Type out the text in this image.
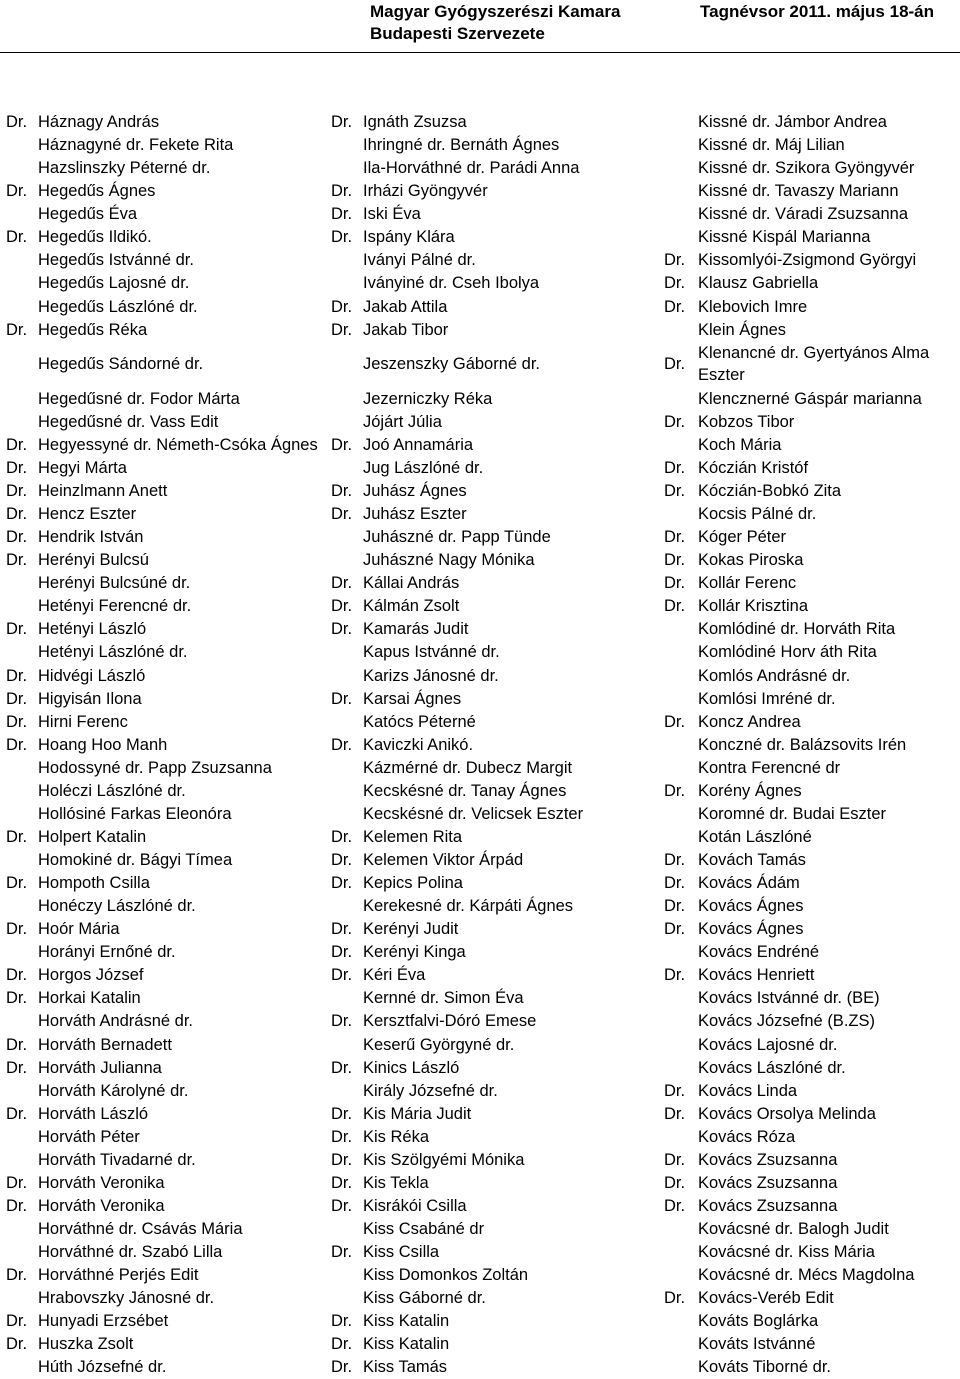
Magyar Gyógyszerészi Kamara
Budapesti Szervezete
Tagnévsor 2011. május 18-án
Dr. Háznagy András
Háznagyné dr. Fekete Rita
Hazslinszky Péterné dr.
Dr. Hegedűs Ágnes
Hegedűs Éva
Dr. Hegedűs Ildikó.
Hegedűs Istvánné dr.
Hegedűs Lajosné dr.
Hegedűs Lászlóné dr.
Dr. Hegedűs Réka
Hegedűs Sándorné dr.
Hegedűsné dr. Fodor Márta
Hegedűsné dr. Vass Edit
Dr. Hegyessyné dr. Németh-Csóka Ágnes
Dr. Hegyi Márta
Dr. Heinzlmann Anett
Dr. Hencz Eszter
Dr. Hendrik István
Dr. Herényi Bulcsú
Herényi Bulcsúné dr.
Hetényi Ferencné dr.
Dr. Hetényi László
Hetényi Lászlóné dr.
Dr. Hidvégi László
Dr. Higyisán Ilona
Dr. Hirni Ferenc
Dr. Hoang Hoo Manh
Hodossyné dr. Papp Zsuzsanna
Holéczi Lászlóné dr.
Hollósiné Farkas Eleonóra
Dr. Holpert Katalin
Homokiné dr. Bágyi Tímea
Dr. Hompoth Csilla
Honéczy Lászlóné dr.
Dr. Hoór Mária
Horányi Ernőné dr.
Dr. Horgos József
Dr. Horkai Katalin
Horváth Andrásné dr.
Dr. Horváth Bernadett
Dr. Horváth Julianna
Horváth Károlyné dr.
Dr. Horváth László
Horváth Péter
Horváth Tivadarné dr.
Dr. Horváth Veronika
Dr. Horváth Veronika
Horváthné dr. Csávás Mária
Horváthné dr. Szabó Lilla
Dr. Horváthné Perjés Edit
Hrabovszky Jánosné dr.
Dr. Hunyadi Erzsébet
Dr. Huszka Zsolt
Húth Józsefné dr.
Dr. Ignáth Zsuzsa
Ihringné dr. Bernáth Ágnes
Ila-Horváthné dr. Parádi Anna
Dr. Irházi Gyöngyvér
Dr. Iski Éva
Dr. Ispány Klára
Iványi Pálné dr.
Iványiné dr. Cseh Ibolya
Dr. Jakab Attila
Dr. Jakab Tibor
Jeszenszky Gáborné dr.
Jezerniczky Réka
Jójárt Júlia
Dr. Joó Annamária
Jug Lászlóné dr.
Dr. Juhász Ágnes
Dr. Juhász Eszter
Juhászné dr. Papp Tünde
Juhászné Nagy Mónika
Dr. Kállai András
Dr. Kálmán Zsolt
Dr. Kamarás Judit
Kapus Istvánné dr.
Karizs Jánosné dr.
Dr. Karsai Ágnes
Katócs Péterné
Dr. Kaviczki Anikó.
Kázmérné dr. Dubecz Margit
Kecskésné dr. Tanay Ágnes
Kecskésné dr. Velicsek Eszter
Dr. Kelemen Rita
Dr. Kelemen Viktor Árpád
Dr. Kepics Polina
Kerekesné dr. Kárpáti Ágnes
Dr. Kerényi Judit
Dr. Kerényi Kinga
Dr. Kéri Éva
Kernné dr. Simon Éva
Dr. Kersztfalvi-Dóró Emese
Keserű Györgyné dr.
Dr. Kinics László
Király Józsefné dr.
Dr. Kis Mária Judit
Dr. Kis Réka
Dr. Kis Szölgyémi Mónika
Dr. Kis Tekla
Dr. Kisrákói Csilla
Kiss Csabáné dr
Dr. Kiss Csilla
Kiss Domonkos Zoltán
Kiss Gáborné dr.
Dr. Kiss Katalin
Dr. Kiss Katalin
Dr. Kiss Tamás
Kissné dr. Jámbor Andrea
Kissné dr. Máj Lilian
Kissné dr. Szikora Gyöngyvér
Kissné dr. Tavaszy Mariann
Kissné dr. Váradi Zsuzsanna
Kissné Kispál Marianna
Dr. Kissomlyói-Zsigmond Györgyi
Dr. Klausz Gabriella
Dr. Klebovich Imre
Klein Ágnes
Dr.
Klenancné dr. Gyertyános Alma
Eszter
Klencznerné Gáspár marianna
Dr. Kobzos Tibor
Koch Mária
Dr. Kóczián Kristóf
Dr. Kóczián-Bobkó Zita
Kocsis Pálné dr.
Dr. Kóger Péter
Dr. Kokas Piroska
Dr. Kollár Ferenc
Dr. Kollár Krisztina
Komlódiné dr. Horváth Rita
Komlódiné Horv áth Rita
Komlós Andrásné dr.
Komlósi Imréné dr.
Dr. Koncz Andrea
Konczné dr. Balázsovits Irén
Kontra Ferencné dr
Dr. Korény Ágnes
Koromné dr. Budai Eszter
Kotán Lászlóné
Dr. Kovách Tamás
Dr. Kovács Ádám
Dr. Kovács Ágnes
Dr. Kovács Ágnes
Kovács Endréné
Dr. Kovács Henriett
Kovács Istvánné dr. (BE)
Kovács Józsefné (B.ZS)
Kovács Lajosné dr.
Kovács Lászlóné dr.
Dr. Kovács Linda
Dr. Kovács Orsolya Melinda
Kovács Róza
Dr. Kovács Zsuzsanna
Dr. Kovács Zsuzsanna
Dr. Kovács Zsuzsanna
Kovácsné dr. Balogh Judit
Kovácsné dr. Kiss Mária
Kovácsné dr. Mécs Magdolna
Dr. Kovács-Veréb Edit
Kováts Boglárka
Kováts Istvánné
Kováts Tiborné dr.
